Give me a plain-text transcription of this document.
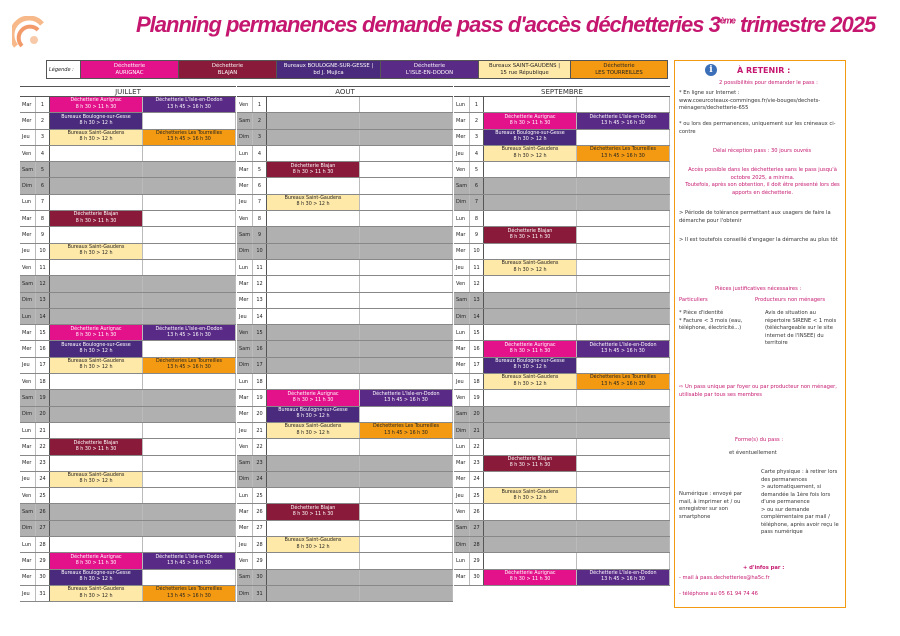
Planning permanences demande pass d'accès déchetteries 3ème trimestre 2025
Légende :
Déchetterie
AURIGNAC
Déchetterie
BLAJAN
Bureaux BOULOGNE-SUR-GESSE |
bd J. Mujica
Déchetterie
L'ISLE-EN-DODON
Bureaux SAINT-GAUDENS |
15 rue République
Déchetterie
LES TOURREILLES
JUILLET
Mar	1
Déchetterie Aurignac
8 h 30 > 11 h 30
Déchetterie L'Isle-en-Dodon
13 h 45 > 16 h 30
Mer	2
Bureaux Boulogne-sur-Gesse
8 h 30 > 12 h
Jeu	3
Bureaux Saint-Gaudens
8 h 30 > 12 h
Déchetteries Les Tourreilles
13 h 45 > 16 h 30
Ven	4
Sam	5
Dim	6
Lun	7
Mar	8
Déchetterie Blajan
8 h 30 > 11 h 30
Mer	9
Jeu	10
Bureaux Saint-Gaudens
8 h 30 > 12 h
Ven	11
Sam	12
Dim	13
Lun	14
Mar	15
Déchetterie Aurignac
8 h 30 > 11 h 30
Déchetterie L'Isle-en-Dodon
13 h 45 > 16 h 30
Mer	16
Bureaux Boulogne-sur-Gesse
8 h 30 > 12 h
Jeu	17
Bureaux Saint-Gaudens
8 h 30 > 12 h
Déchetteries Les Tourreilles
13 h 45 > 16 h 30
Ven	18
Sam	19
Dim	20
Lun	21
Mar	22
Déchetterie Blajan
8 h 30 > 11 h 30
Mer	23
Jeu	24
Bureaux Saint-Gaudens
8 h 30 > 12 h
Ven	25
Sam	26
Dim	27
Lun	28
Mar	29
Déchetterie Aurignac
8 h 30 > 11 h 30
Déchetterie L'Isle-en-Dodon
13 h 45 > 16 h 30
Mer	30
Bureaux Boulogne-sur-Gesse
8 h 30 > 12 h
Jeu	31
Bureaux Saint-Gaudens
8 h 30 > 12 h
Déchetteries Les Tourreilles
13 h 45 > 16 h 30
AOUT
Ven	1
Sam	2
Dim	3
Lun	4
Mar	5
Déchetterie Blajan
8 h 30 > 11 h 30
Mer	6
Jeu	7
Bureaux Saint-Gaudens
8 h 30 > 12 h
Ven	8
Sam	9
Dim	10
Lun	11
Mar	12
Mer	13
Jeu	14
Ven	15
Sam	16
Dim	17
Lun	18
Mar	19
Déchetterie Aurignac
8 h 30 > 11 h 30
Déchetterie L'Isle-en-Dodon
13 h 45 > 16 h 30
Mer	20
Bureaux Boulogne-sur-Gesse
8 h 30 > 12 h
Jeu	21
Bureaux Saint-Gaudens
8 h 30 > 12 h
Déchetteries Les Tourreilles
13 h 45 > 16 h 30
Ven	22
Sam	23
Dim	24
Lun	25
Mar	26
Déchetterie Blajan
8 h 30 > 11 h 30
Mer	27
Jeu	28
Bureaux Saint-Gaudens
8 h 30 > 12 h
Ven	29
Sam	30
Dim	31
SEPTEMBRE
Lun	1
Mar	2
Déchetterie Aurignac
8 h 30 > 11 h 30
Déchetterie L'Isle-en-Dodon
13 h 45 > 16 h 30
Mer	3
Bureaux Boulogne-sur-Gesse
8 h 30 > 12 h
Jeu	4
Bureaux Saint-Gaudens
8 h 30 > 12 h
Déchetteries Les Tourreilles
13 h 45 > 16 h 30
Ven	5
Sam	6
Dim	7
Lun	8
Mar	9
Déchetterie Blajan
8 h 30 > 11 h 30
Mer	10
Jeu	11
Bureaux Saint-Gaudens
8 h 30 > 12 h
Ven	12
Sam	13
Dim	14
Lun	15
Mar	16
Déchetterie Aurignac
8 h 30 > 11 h 30
Déchetterie L'Isle-en-Dodon
13 h 45 > 16 h 30
Mer	17
Bureaux Boulogne-sur-Gesse
8 h 30 > 12 h
Jeu	18
Bureaux Saint-Gaudens
8 h 30 > 12 h
Déchetteries Les Tourreilles
13 h 45 > 16 h 30
Ven	19
Sam	20
Dim	21
Lun	22
Mar	23
Déchetterie Blajan
8 h 30 > 11 h 30
Mer	24
Jeu	25
Bureaux Saint-Gaudens
8 h 30 > 12 h
Ven	26
Sam	27
Dim	28
Lun	29
Mar	30
Déchetterie Aurignac
8 h 30 > 11 h 30
Déchetterie L'Isle-en-Dodon
13 h 45 > 16 h 30
i	À RETENIR :

2 possibilités pour demander le pass :

* En ligne sur Internet :
www.coeurcoteaux-comminges.fr/vie-bouges/dechets-ménagers/dechetterie-655

* ou lors des permanences, uniquement sur les créneaux ci-contre

Délai réception pass : 30 jours ouvrés

Accès possible dans les déchetteries sans le pass jusqu'à octobre 2025, a minima.
Toutefois, après son obtention, il doit être présenté lors des apports en déchetterie.

> Période de tolérance permettant aux usagers de faire la démarche pour l'obtenir

> Il est toutefois conseillé d'engager la démarche au plus tôt

Pièces justificatives nécessaires :

Particuliers

* Pièce d'identité
* Facture < 3 mois (eau, téléphone, électricité...)

Producteurs non ménagers

Avis de situation au répertoire SIRENE < 1 mois (téléchargeable sur le site internet de l'INSEE) du territoire

⇨ Un pass unique par foyer ou par producteur non ménager, utilisable par tous ses membres

Forme(s) du pass :

et éventuellement

Numérique : envoyé par mail, à imprimer et / ou enregistrer sur son smartphone

Carte physique : à retirer lors des permanences
> automatiquement, si demandée la 1ère fois lors d'une permanence
> ou sur demande complémentaire par mail / téléphone, après avoir reçu le pass numérique

+ d'infos par :

- mail à pass.dechetteries@ha5c.fr

- téléphone au 05 61 94 74 46
